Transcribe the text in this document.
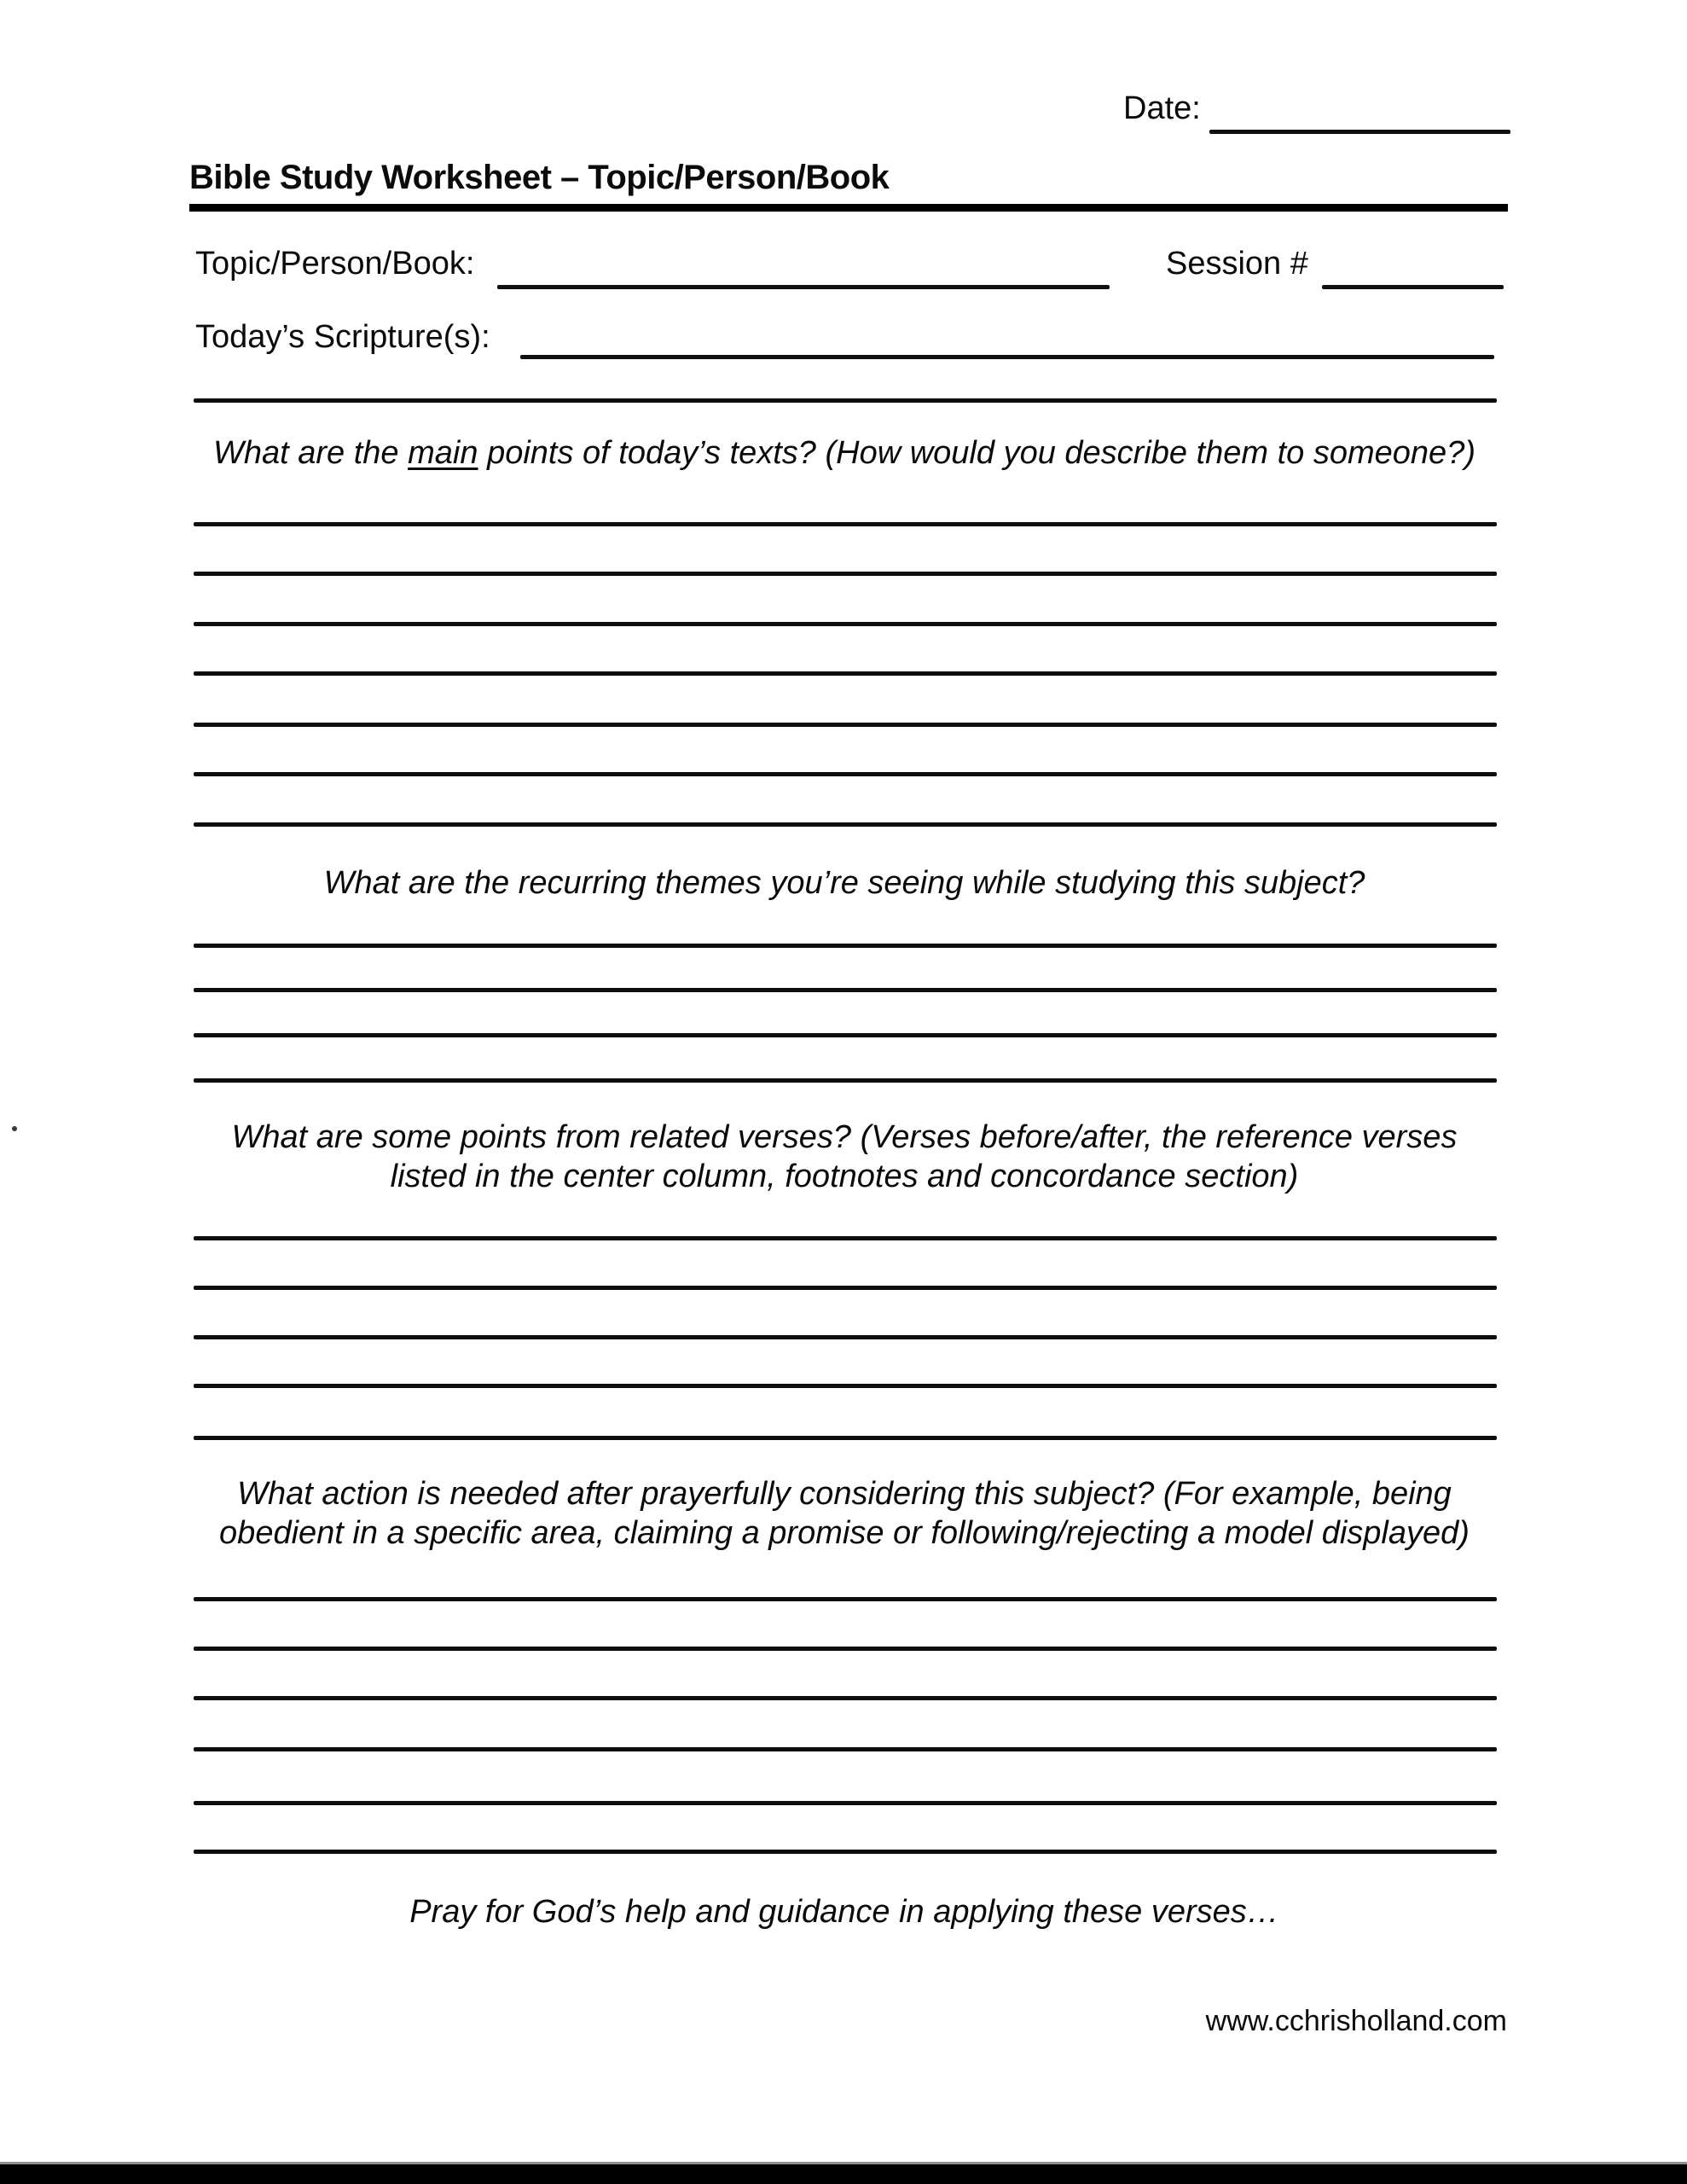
Date:
Bible Study Worksheet – Topic/Person/Book
Topic/Person/Book:	Session #
Today’s Scripture(s):
What are the main points of today’s texts? (How would you describe them to someone?)
What are the recurring themes you’re seeing while studying this subject?
What are some points from related verses? (Verses before/after, the reference verses listed in the center column, footnotes and concordance section)
What action is needed after prayerfully considering this subject? (For example, being obedient in a specific area, claiming a promise or following/rejecting a model displayed)
Pray for God’s help and guidance in applying these verses…
www.cchrisholland.com
